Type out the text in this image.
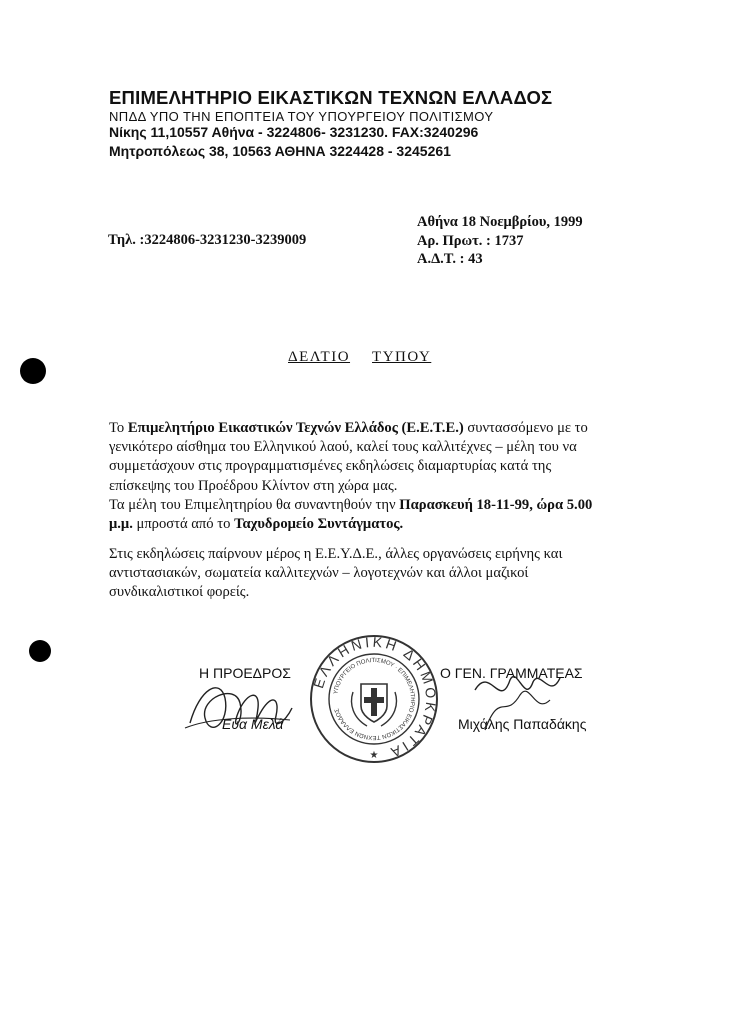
ΕΠΙΜΕΛΗΤΗΡΙΟ ΕΙΚΑΣΤΙΚΩΝ ΤΕΧΝΩΝ ΕΛΛΑΔΟΣ
ΝΠΔΔ ΥΠΟ ΤΗΝ ΕΠΟΠΤΕΙΑ ΤΟΥ ΥΠΟΥΡΓΕΙΟΥ ΠΟΛΙΤΙΣΜΟΥ
Νίκης 11,10557 Αθήνα - 3224806- 3231230. FAX:3240296
Μητροπόλεως 38, 10563 ΑΘΗΝΑ 3224428 - 3245261
Τηλ. :3224806-3231230-3239009
Αθήνα 18 Νοεμβρίου, 1999
Αρ. Πρωτ. : 1737
Α.Δ.Τ. : 43
ΔΕΛΤΙΟ ΤΥΠΟΥ
Το Επιμελητήριο Εικαστικών Τεχνών Ελλάδος (Ε.Ε.Τ.Ε.) συντασσόμενο με το γενικότερο αίσθημα του Ελληνικού λαού, καλεί τους καλλιτέχνες – μέλη του να συμμετάσχουν στις προγραμματισμένες εκδηλώσεις διαμαρτυρίας κατά της επίσκεψης του Προέδρου Κλίντον στη χώρα μας.
Τα μέλη του Επιμελητηρίου θα συναντηθούν την Παρασκευή 18-11-99, ώρα 5.00 μ.μ. μπροστά από το Ταχυδρομείο Συντάγματος.
Στις εκδηλώσεις παίρνουν μέρος η Ε.Ε.Υ.Δ.Ε., άλλες οργανώσεις ειρήνης και αντιστασιακών, σωματεία καλλιτεχνών – λογοτεχνών και άλλοι μαζικοί συνδικαλιστικοί φορείς.
Η ΠΡΟΕΔΡΟΣ
Εύα Μελά
Ο ΓΕΝ. ΓΡΑΜΜΑΤΕΑΣ
Μιχάλης Παπαδάκης
ΕΛΛΗΝΙΚΗ ΔΗΜΟΚΡΑΤΙΑ
ΥΠΟΥΡΓΕΙΟ ΠΟΛΙΤΙΣΜΟΥ · ΕΠΙΜΕΛΗΤΗΡΙΟ ΕΙΚΑΣΤΙΚΩΝ ΤΕΧΝΩΝ ΕΛΛΑΔΟΣ
★
